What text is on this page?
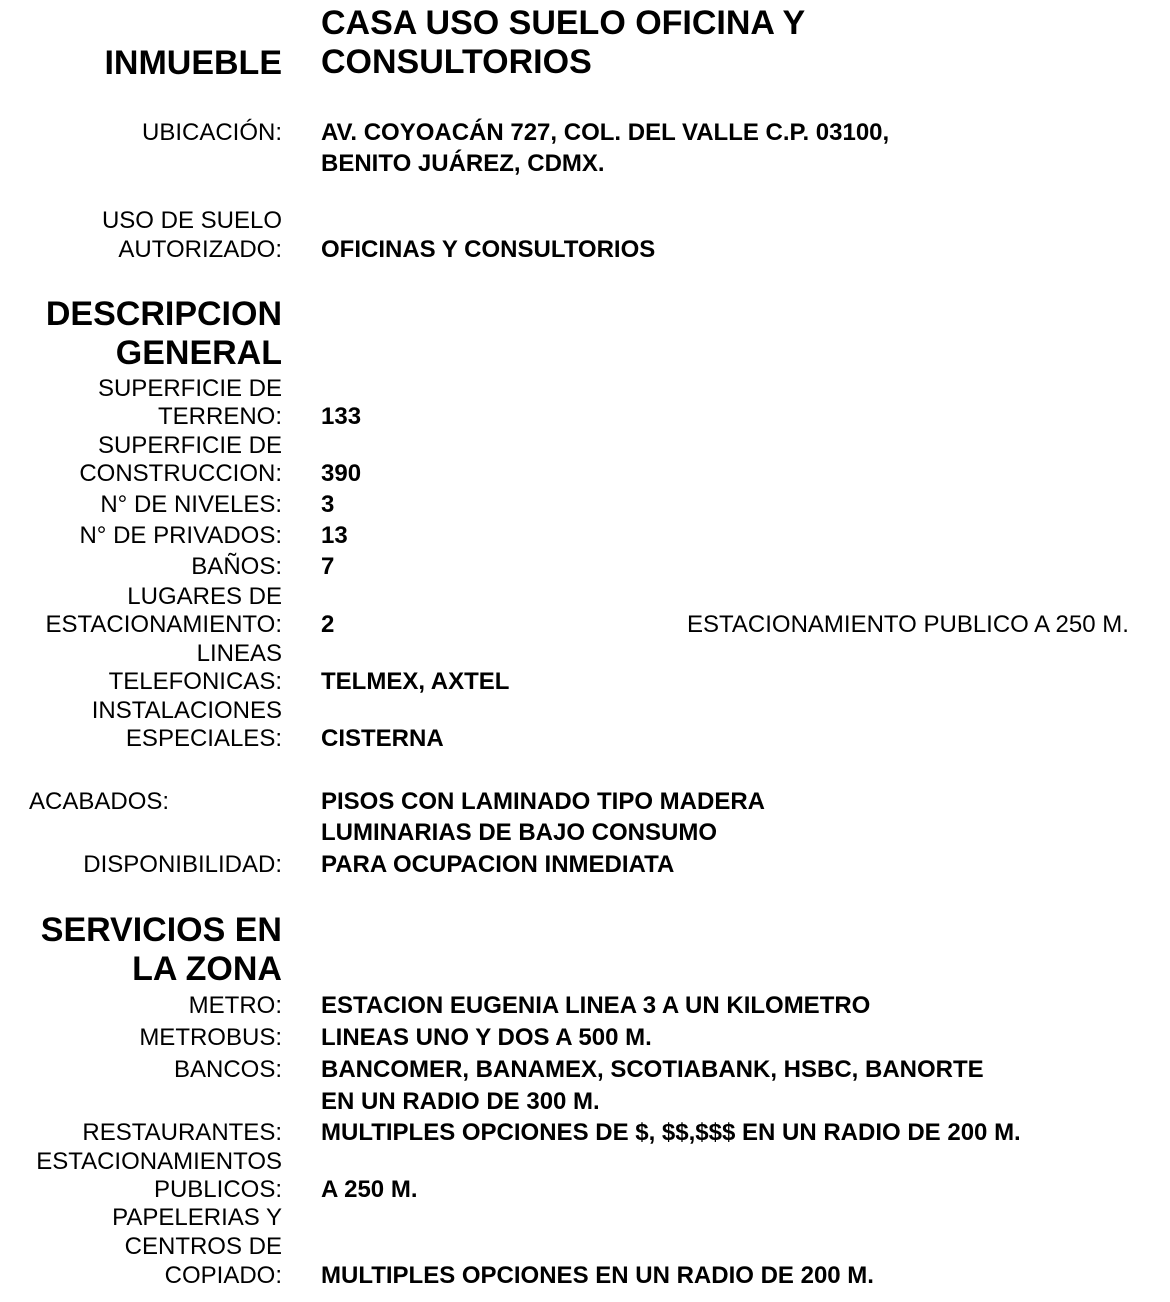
CASA USO SUELO OFICINA Y
INMUEBLE CONSULTORIOS
UBICACIÓN: AV. COYOACÁN 727, COL. DEL VALLE C.P. 03100,
BENITO JUÁREZ, CDMX.
USO DE SUELO
AUTORIZADO: OFICINAS Y CONSULTORIOS
DESCRIPCION
GENERAL
SUPERFICIE DE
TERRENO: 133
SUPERFICIE DE
CONSTRUCCION: 390
N° DE NIVELES: 3
N° DE PRIVADOS: 13
BAÑOS: 7
LUGARES DE
ESTACIONAMIENTO: 2	ESTACIONAMIENTO PUBLICO A 250 M.
LINEAS
TELEFONICAS: TELMEX, AXTEL
INSTALACIONES
ESPECIALES: CISTERNA
ACABADOS:	PISOS CON LAMINADO TIPO MADERA
LUMINARIAS DE BAJO CONSUMO
DISPONIBILIDAD: PARA OCUPACION INMEDIATA
SERVICIOS EN
LA ZONA
METRO: ESTACION EUGENIA LINEA 3 A UN KILOMETRO
METROBUS: LINEAS UNO Y DOS A 500 M.
BANCOS: BANCOMER, BANAMEX, SCOTIABANK, HSBC, BANORTE
EN UN RADIO DE 300 M.
RESTAURANTES: MULTIPLES OPCIONES DE $, $$,$$$ EN UN RADIO DE 200 M.
ESTACIONAMIENTOS
PUBLICOS: A 250 M.
PAPELERIAS Y
CENTROS DE
COPIADO: MULTIPLES OPCIONES EN UN RADIO DE 200 M.
